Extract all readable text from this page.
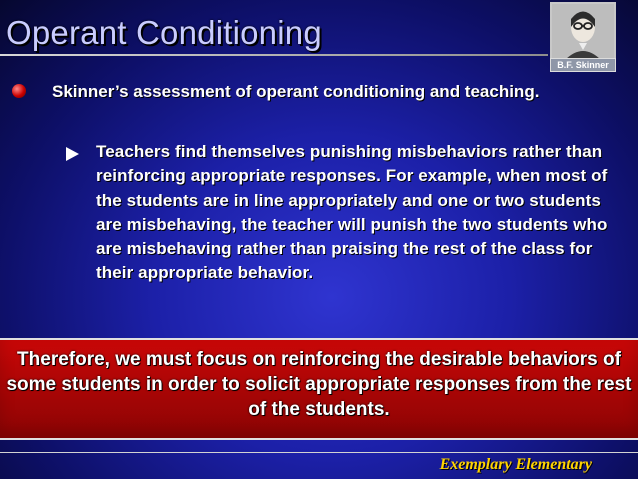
Operant Conditioning
B.F. Skinner
Skinner’s assessment of operant conditioning and teaching.
Teachers find themselves punishing misbehaviors rather than reinforcing appropriate responses. For example, when most of the students are in line appropriately and one or two students are misbehaving, the teacher will punish the two students who are misbehaving rather than praising the rest of the class for their appropriate behavior.
Therefore, we must focus on reinforcing the desirable behaviors of some students in order to solicit appropriate responses from the rest of the students.
Exemplary Elementary
